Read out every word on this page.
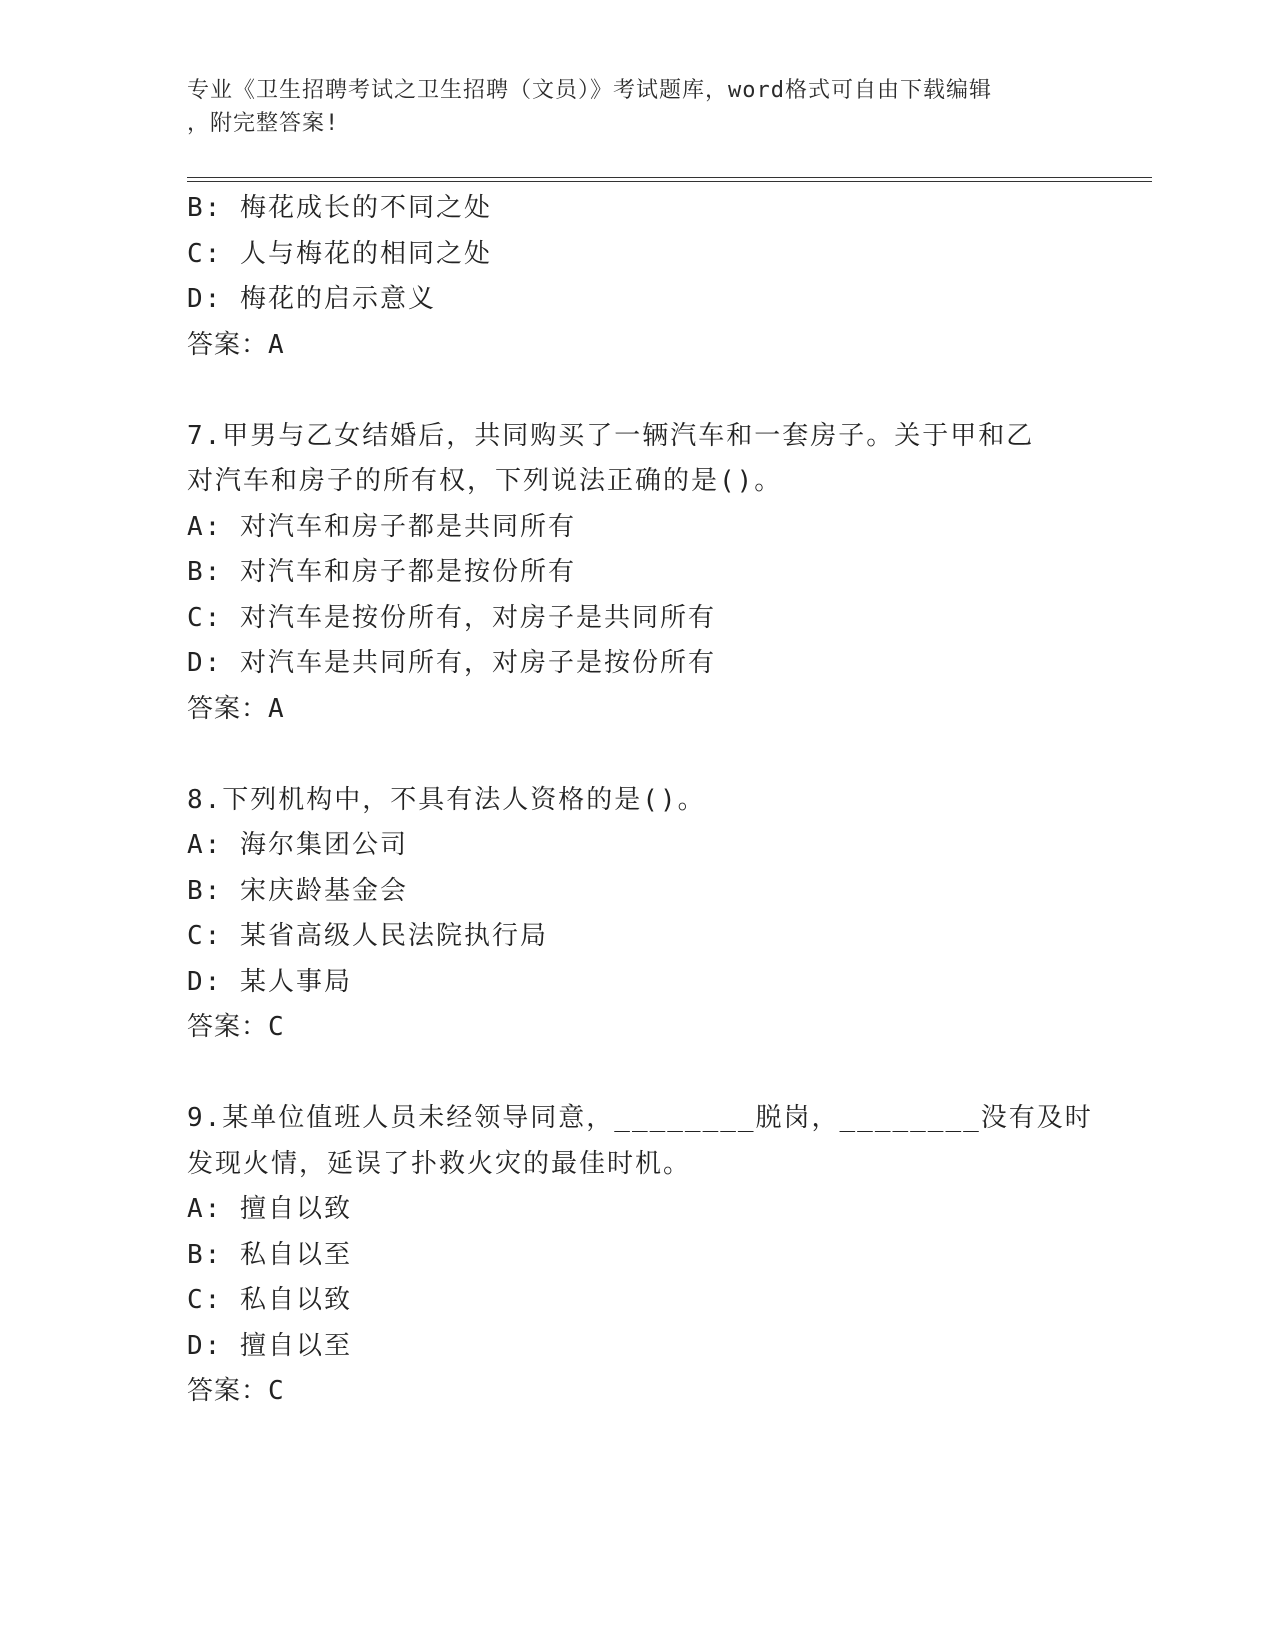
专业《卫生招聘考试之卫生招聘（文员）》考试题库，word格式可自由下载编辑
，附完整答案!

B: 梅花成长的不同之处

C: 人与梅花的相同之处

D: 梅花的启示意义

答案：A

7.甲男与乙女结婚后，共同购买了一辆汽车和一套房子。关于甲和乙

对汽车和房子的所有权，下列说法正确的是()。

A: 对汽车和房子都是共同所有

B: 对汽车和房子都是按份所有

C: 对汽车是按份所有，对房子是共同所有

D: 对汽车是共同所有，对房子是按份所有

答案：A

8.下列机构中，不具有法人资格的是()。

A: 海尔集团公司

B: 宋庆龄基金会

C: 某省高级人民法院执行局

D: 某人事局

答案：C

9.某单位值班人员未经领导同意，________脱岗，________没有及时

发现火情，延误了扑救火灾的最佳时机。

A: 擅自以致

B: 私自以至

C: 私自以致

D: 擅自以至

答案：C
